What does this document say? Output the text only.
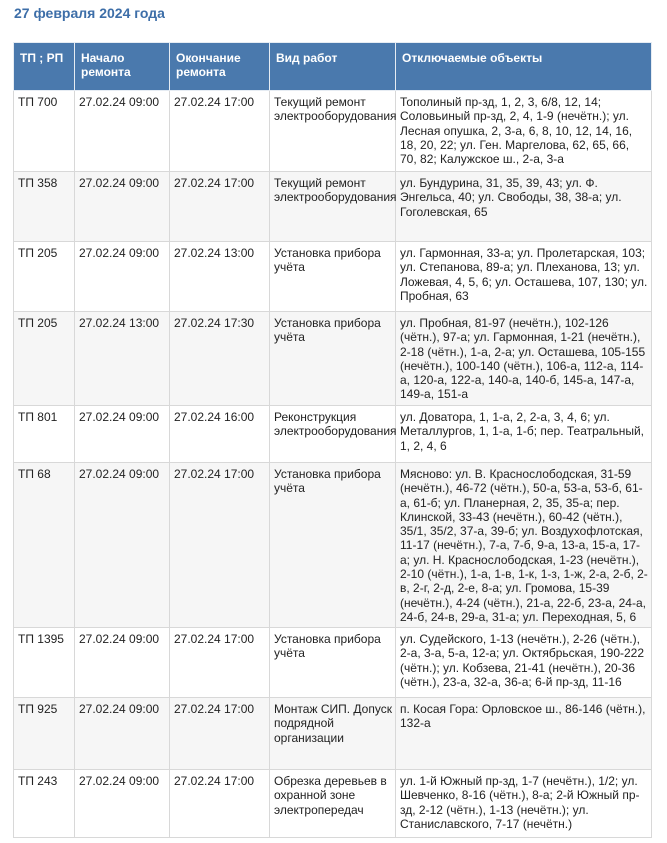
27 февраля 2024 года
ТП ; РП	Начало ремонта	Окончание ремонта	Вид работ	Отключаемые объекты
ТП 700	27.02.24 09:00	27.02.24 17:00	Текущий ремонт электрооборудования	Тополиный пр-зд, 1, 2, 3, 6/8, 12, 14; Соловьиный пр-зд, 2, 4, 1-9 (нечётн.); ул. Лесная опушка, 2, 3-а, 6, 8, 10, 12, 14, 16, 18, 20, 22; ул. Ген. Маргелова, 62, 65, 66, 70, 82; Калужское ш., 2-а, 3-а
ТП 358	27.02.24 09:00	27.02.24 17:00	Текущий ремонт электрооборудования	ул. Бундурина, 31, 35, 39, 43; ул. Ф. Энгельса, 40; ул. Свободы, 38, 38-а; ул. Гоголевская, 65
ТП 205	27.02.24 09:00	27.02.24 13:00	Установка прибора учёта	ул. Гармонная, 33-а; ул. Пролетарская, 103; ул. Степанова, 89-а; ул. Плеханова, 13; ул. Ложевая, 4, 5, 6; ул. Осташева, 107, 130; ул. Пробная, 63
ТП 205	27.02.24 13:00	27.02.24 17:30	Установка прибора учёта	ул. Пробная, 81-97 (нечётн.), 102-126 (чётн.), 97-а; ул. Гармонная, 1-21 (нечётн.), 2-18 (чётн.), 1-а, 2-а; ул. Осташева, 105-155 (нечётн.), 100-140 (чётн.), 106-а, 112-а, 114-а, 120-а, 122-а, 140-а, 140-б, 145-а, 147-а, 149-а, 151-а
ТП 801	27.02.24 09:00	27.02.24 16:00	Реконструкция электрооборудования	ул. Доватора, 1, 1-а, 2, 2-а, 3, 4, 6; ул. Металлургов, 1, 1-а, 1-б; пер. Театральный, 1, 2, 4, 6
ТП 68	27.02.24 09:00	27.02.24 17:00	Установка прибора учёта	Мясново: ул. В. Краснослободская, 31-59 (нечётн.), 46-72 (чётн.), 50-а, 53-а, 53-б, 61-а, 61-б; ул. Планерная, 2, 35, 35-а; пер. Клинской, 33-43 (нечётн.), 60-42 (чётн.), 35/1, 35/2, 37-а, 39-б; ул. Воздухофлотская, 11-17 (нечётн.), 7-а, 7-б, 9-а, 13-а, 15-а, 17-а; ул. Н. Краснослободская, 1-23 (нечётн.), 2-10 (чётн.), 1-а, 1-в, 1-к, 1-з, 1-ж, 2-а, 2-б, 2-в, 2-г, 2-д, 2-е, 8-а; ул. Громова, 15-39 (нечётн.), 4-24 (чётн.), 21-а, 22-б, 23-а, 24-а, 24-б, 24-в, 29-а, 31-а; ул. Переходная, 5, 6
ТП 1395	27.02.24 09:00	27.02.24 17:00	Установка прибора учёта	ул. Судейского, 1-13 (нечётн.), 2-26 (чётн.), 2-а, 3-а, 5-а, 12-а; ул. Октябрьская, 190-222 (чётн.); ул. Кобзева, 21-41 (нечётн.), 20-36 (чётн.), 23-а, 32-а, 36-а; 6-й пр-зд, 11-16
ТП 925	27.02.24 09:00	27.02.24 17:00	Монтаж СИП. Допуск подрядной организации	п. Косая Гора: Орловское ш., 86-146 (чётн.), 132-а
ТП 243	27.02.24 09:00	27.02.24 17:00	Обрезка деревьев в охранной зоне электропередач	ул. 1-й Южный пр-зд, 1-7 (нечётн.), 1/2; ул. Шевченко, 8-16 (чётн.), 8-а; 2-й Южный пр-зд, 2-12 (чётн.), 1-13 (нечётн.); ул. Станиславского, 7-17 (нечётн.)
